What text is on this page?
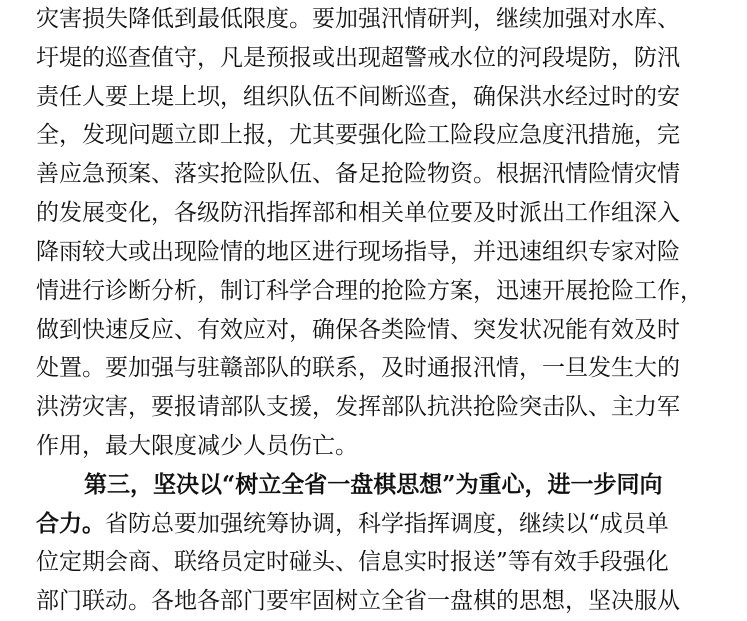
灾害损失降低到最低限度。要加强汛情研判，继续加强对水库、
圩堤的巡查值守，凡是预报或出现超警戒水位的河段堤防，防汛
责任人要上堤上坝，组织队伍不间断巡查，确保洪水经过时的安
全，发现问题立即上报，尤其要强化险工险段应急度汛措施，完
善应急预案、落实抢险队伍、备足抢险物资。根据汛情险情灾情
的发展变化，各级防汛指挥部和相关单位要及时派出工作组深入
降雨较大或出现险情的地区进行现场指导，并迅速组织专家对险
情进行诊断分析，制订科学合理的抢险方案，迅速开展抢险工作，
做到快速反应、有效应对，确保各类险情、突发状况能有效及时
处置。要加强与驻赣部队的联系，及时通报汛情，一旦发生大的
洪涝灾害，要报请部队支援，发挥部队抗洪抢险突击队、主力军
作用，最大限度减少人员伤亡。
第三，坚决以“树立全省一盘棋思想”为重心，进一步同向
合力。省防总要加强统筹协调，科学指挥调度，继续以“成员单
位定期会商、联络员定时碰头、信息实时报送”等有效手段强化
部门联动。各地各部门要牢固树立全省一盘棋的思想，坚决服从
